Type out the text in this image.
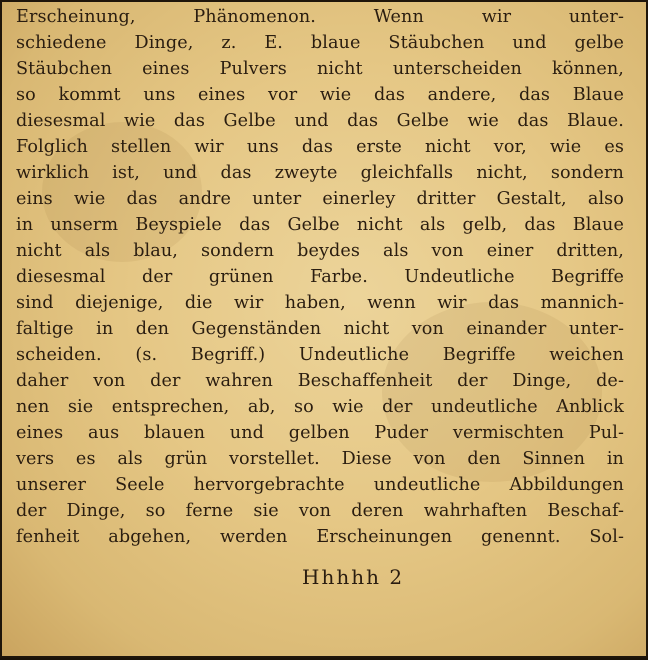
Erscheinung, Phänomenon. Wenn wir unter-
schiedene Dinge, z. E. blaue Stäubchen und gelbe
Stäubchen eines Pulvers nicht unterscheiden können,
so kommt uns eines vor wie das andere, das Blaue
diesesmal wie das Gelbe und das Gelbe wie das Blaue.
Folglich stellen wir uns das erste nicht vor, wie es
wirklich ist, und das zweyte gleichfalls nicht, sondern
eins wie das andre unter einerley dritter Gestalt, also
in unserm Beyspiele das Gelbe nicht als gelb, das Blaue
nicht als blau, sondern beydes als von einer dritten,
diesesmal der grünen Farbe. Undeutliche Begriffe
sind diejenige, die wir haben, wenn wir das mannich-
faltige in den Gegenständen nicht von einander unter-
scheiden. (s. Begriff.) Undeutliche Begriffe weichen
daher von der wahren Beschaffenheit der Dinge, de-
nen sie entsprechen, ab, so wie der undeutliche Anblick
eines aus blauen und gelben Puder vermischten Pul-
vers es als grün vorstellet. Diese von den Sinnen in
unserer Seele hervorgebrachte undeutliche Abbildungen
der Dinge, so ferne sie von deren wahrhaften Beschaf-
fenheit abgehen, werden Erscheinungen genennt. Sol-
Hhhhh 2
